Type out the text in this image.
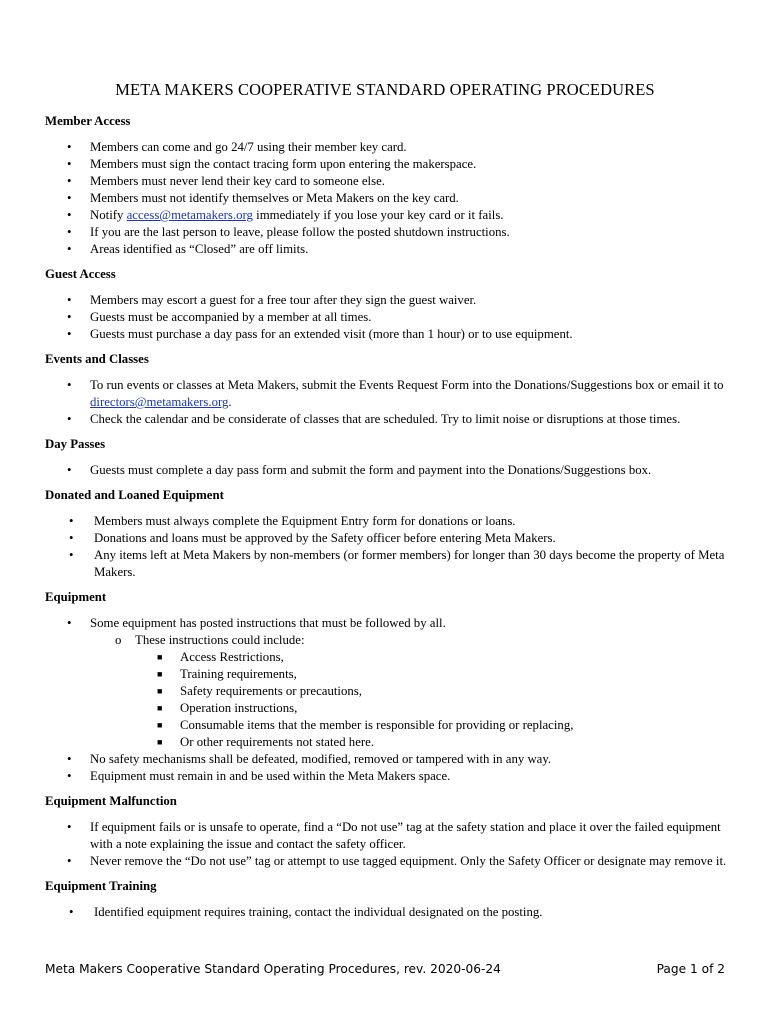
META MAKERS COOPERATIVE STANDARD OPERATING PROCEDURES
Member Access
• Members can come and go 24/7 using their member key card.
• Members must sign the contact tracing form upon entering the makerspace.
• Members must never lend their key card to someone else.
• Members must not identify themselves or Meta Makers on the key card.
• Notify access@metamakers.org immediately if you lose your key card or it fails.
• If you are the last person to leave, please follow the posted shutdown instructions.
• Areas identified as “Closed” are off limits.
Guest Access
• Members may escort a guest for a free tour after they sign the guest waiver.
• Guests must be accompanied by a member at all times.
• Guests must purchase a day pass for an extended visit (more than 1 hour) or to use equipment.
Events and Classes
• To run events or classes at Meta Makers, submit the Events Request Form into the Donations/Suggestions box or email it to directors@metamakers.org.
• Check the calendar and be considerate of classes that are scheduled. Try to limit noise or disruptions at those times.
Day Passes
• Guests must complete a day pass form and submit the form and payment into the Donations/Suggestions box.
Donated and Loaned Equipment
• Members must always complete the Equipment Entry form for donations or loans.
• Donations and loans must be approved by the Safety officer before entering Meta Makers.
• Any items left at Meta Makers by non-members (or former members) for longer than 30 days become the property of Meta Makers.
Equipment
• Some equipment has posted instructions that must be followed by all.
o These instructions could include:
■ Access Restrictions,
■ Training requirements,
■ Safety requirements or precautions,
■ Operation instructions,
■ Consumable items that the member is responsible for providing or replacing,
■ Or other requirements not stated here.
• No safety mechanisms shall be defeated, modified, removed or tampered with in any way.
• Equipment must remain in and be used within the Meta Makers space.
Equipment Malfunction
• If equipment fails or is unsafe to operate, find a “Do not use” tag at the safety station and place it over the failed equipment with a note explaining the issue and contact the safety officer.
• Never remove the “Do not use” tag or attempt to use tagged equipment. Only the Safety Officer or designate may remove it.
Equipment Training
• Identified equipment requires training, contact the individual designated on the posting.
Meta Makers Cooperative Standard Operating Procedures, rev. 2020-06-24	Page 1 of 2
